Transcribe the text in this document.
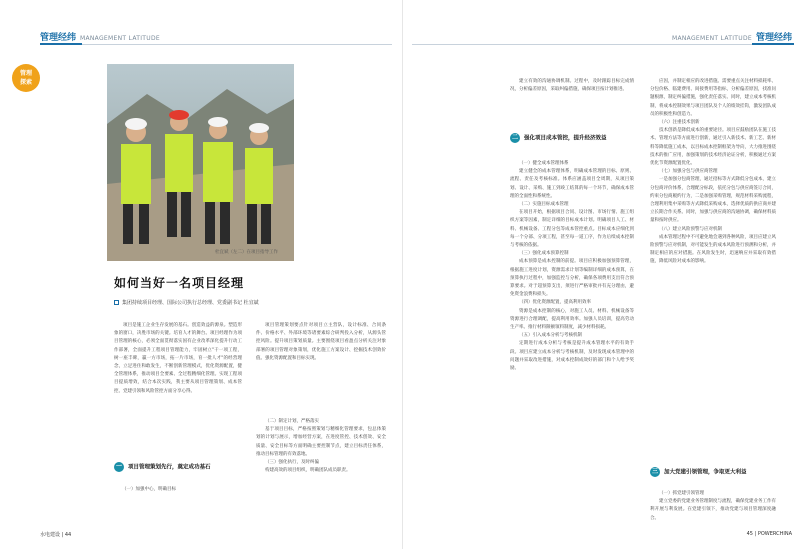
管理经纬 MANAGEMENT LATITUDE	MANAGEMENT LATITUDE 管理经纬
管理
探索
杜宜斌（左二）在项目指导工作
如何当好一名项目经理
集团持续项目经理、国际公司执行总经理、党委副书记 杜宜斌

项目是施工企业生存发展的基石。创造效益的源泉。塑造形象的窗口，决胜市场的关键。培育人才的舞台。项目经理作为项目管理的核心，必须全面贯彻落实国有企业改革深化提升行动工作部署，全面提升工程项目管理能力，牢固树立"干一项工程，树一座丰碑，赢一方市场，拓一片市场，育一批人才"的经营理念，立足进住和敢发生，不断创新管理模式，优化资源配置，健全管理体系，推动项目全要素、全过程精细化管理。实现工程项目提质增效，结合本次实践，我主要从项目管理策划、成本管控、党建引领和风险管控方面分享心得。

一 项目管理策划先行，奠定成功基石

（一）加强中心，明确目标

项目管理策划要点针对项目立主营队，设计标准、合同条件、价格水平、外部环境等诸要素综合研判投入分析，从源头管控风险。提升项目策划质量。主要围绕项目看盈点分析关注对象部署的项目管理对象策划，优化施工方案设计、挖掘技术创效价值。强化资源配置和目标实现。

（二）制定计划，严格落实

基于项目目标，严格按照策划与精细化管理要求，包总体策划的计划与展示，增加经营方案，在进度管控、技术创效、安全质量、安全目标等方面明确主要控制节点，建立目标责任体系，推动目标管理的有效落地。

（三）强化执行，及时纠偏

构建高效的项目组织，明确团队成员职责。

建立有效的沟通协调机制。过程中，及时跟踪目标完成情况，分析偏差原因，采取纠偏措施，确保项目按计划推进。

二 强化项目成本管控，提升经济效益

（一）健全成本管理体系

建立健全的成本管理体系，明确成本管理的目标、原则、流程、责任及考核标准。体系应涵盖项目全周期，从项目策划、设计、采购、施工到竣工结算的每一个环节，确保成本管理的全面性和系统性。

（二）实施目标成本管理

在项目开始，根据项目合同、设计图、市场行情、施工组织方案等因素，制定详细的目标成本计划。明确项目人工、材料、机械设备、工程分包等成本管控重点。目标成本应细化到每一个分部、分项工程，甚至每一道工序，作为后续成本控制与考核的依据。

（三）强化成本预算控制

成本预算是成本控制的前提。项目应积极加强预算管理，根据施工进度计划，资源需求计划等编制详细的成本预算，在预算执行过程中，加强监控与分析，确保各项费用支出符合预算要求。对于超预算支出，须进行严格审批并有充分理由，避免资金浪费和损失。

（四）优化资源配置，提高利用效率

资源是成本控制的核心，对施工人员、材料、机械设备等资源进行合理调配，提高利用效率。加强人员培训，提高劳动生产率。推行材料限额领料制度，减少材料损耗。

（五）引入成本分析与考核机制

定期进行成本分析与考核是提升成本管理水平的有效手段。项目应建立成本分析与考核机制，及时发现成本管理中的问题并采取改进措施，对成本控制成效好的部门和个人给予奖励。

应因，并制定相应的改进措施。需要重点关注材料损耗率、分包价格、临建费用、间接费用等指标，分析偏差原因，找准问题根源，制定纠偏措施，强化责任落实。同时，建立成本考核机制，将成本控制效果与项目团队及个人的绩效挂钩，激发团队成员的积极性和创造力。

（六）注重技术创新

技术创新是降低成本的重要途径。项目应鼓励团队在施工技术、管理方法等方面进行创新，通过引入新技术、新工艺、新材料等降低施工成本，以目标成本控制框架为导向，大力推进围绕技术的推广应用，加强策划的技术经济论证分析，积极通过方案优化节资源配置优化。

（七）加强分包与供应商管理

一是加强分包商管理，通过招标等方式降低分包成本，建立分包商评价体系，合理配分标段，依托分包与供应商签订合同，约束分包商履约行为，二是加强采购管理，规范材料采购流程，合理利用集中采购等方式降低采购成本，选择优质的供应商并建立长期合作关系。同时，加强与供应商的沟通协调，确保材料质量和按时供应。

（八）建立风险预警与应对机制

成本管理过程中不可避免地会遇到各种风险，项目应建立风险预警与应对机制，对可能发生的成本风险进行预测和分析，并制定相应的应对措施。在风险发生时，迅速响应并采取有效措施，降低风险对成本的影响。

三 加大党建引领管理，争取更大利益

（一）抓党建引领管理

建立党委的党建业务管理制度与流程，确保党建业务工作有利开展与利发展。在党建引领下，推动党建与项目管理深度融合。

水电建设 | 44	45 | POWERCHINA
